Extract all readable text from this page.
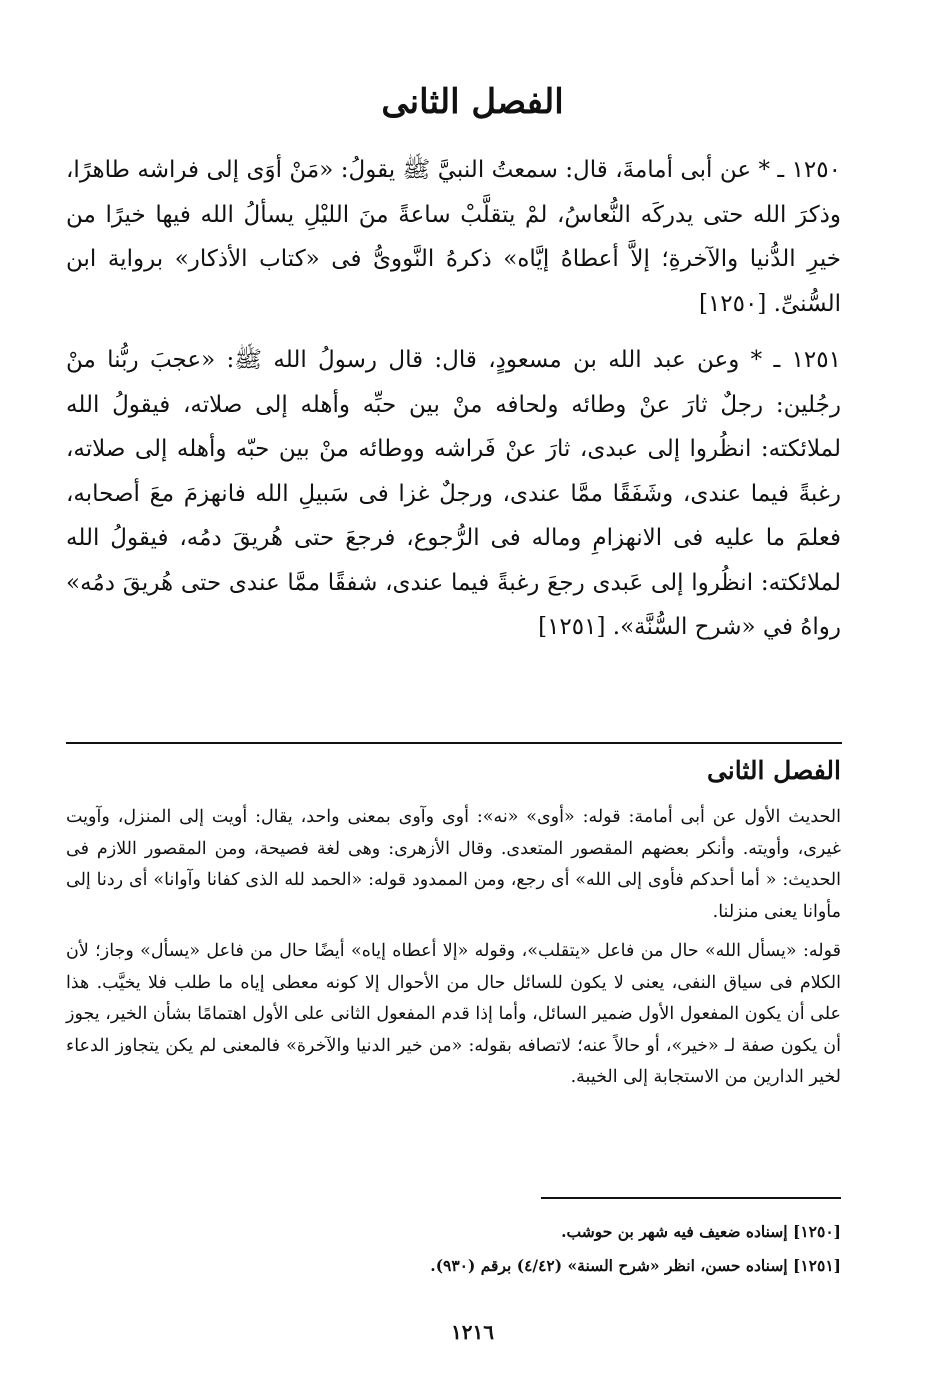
الفصل الثانى

١٢٥٠ ـ * عن أبى أمامةَ، قال: سمعتُ النبيَّ ﷺ يقولُ: «مَنْ أوَى إلى فراشه طاهرًا، وذكرَ الله حتى يدركَه النُّعاسُ، لمْ يتقلَّبْ ساعةً منَ الليْلِ يسألُ الله فيها خيرًا من خيرِ الدُّنيا والآخرةِ؛ إلاَّ أعطاهُ إيَّاه» ذكرهُ النَّووىُّ فى «كتاب الأذكار» برواية ابن السُّنىِّ. [١٢٥٠]

١٢٥١ ـ * وعن عبد الله بن مسعودٍ، قال: قال رسولُ الله ﷺ: «عجبَ ربُّنا منْ رجُلين: رجلٌ ثارَ عنْ وطائه ولحافه منْ بين حبِّه وأهله إلى صلاته، فيقولُ الله لملائكته: انظُروا إلى عبدى، ثارَ عنْ فَراشه ووطائه منْ بين حبّه وأهله إلى صلاته، رغبةً فيما عندى، وشَفَقًا ممَّا عندى، ورجلٌ غزا فى سَبيلِ الله فانهزمَ معَ أصحابه، فعلمَ ما عليه فى الانهزامِ وماله فى الرُّجوع، فرجعَ حتى هُريقَ دمُه، فيقولُ الله لملائكته: انظُروا إلى عَبدى رجعَ رغبةً فيما عندى، شفقًا ممَّا عندى حتى هُريقَ دمُه» رواهُ في «شرح السُّنَّة». [١٢٥١]

الفصل الثانى

الحديث الأول عن أبى أمامة: قوله: «أوى» «نه»: أوى وآوى بمعنى واحد، يقال: أويت إلى المنزل، وآويت غيرى، وأويته. وأنكر بعضهم المقصور المتعدى. وقال الأزهرى: وهى لغة فصيحة، ومن المقصور اللازم فى الحديث: « أما أحدكم فأوى إلى الله» أى رجع، ومن الممدود قوله: «الحمد لله الذى كفانا وآوانا» أى ردنا إلى مأوانا يعنى منزلنا.

قوله: «يسأل الله» حال من فاعل «يتقلب»، وقوله «إلا أعطاه إياه» أيضًا حال من فاعل «يسأل» وجاز؛ لأن الكلام فى سياق النفى، يعنى لا يكون للسائل حال من الأحوال إلا كونه معطى إياه ما طلب فلا يخيَّب. هذا على أن يكون المفعول الأول ضمير السائل، وأما إذا قدم المفعول الثانى على الأول اهتمامًا بشأن الخير، يجوز أن يكون صفة لـ «خير»، أو حالاً عنه؛ لاتصافه بقوله: «من خير الدنيا والآخرة» فالمعنى لم يكن يتجاوز الدعاء لخير الدارين من الاستجابة إلى الخيبة.

[١٢٥٠] إسناده ضعيف فيه شهر بن حوشب.

[١٢٥١] إسناده حسن، انظر «شرح السنة» (٤/٤٢) برقم (٩٣٠).

١٢١٦
